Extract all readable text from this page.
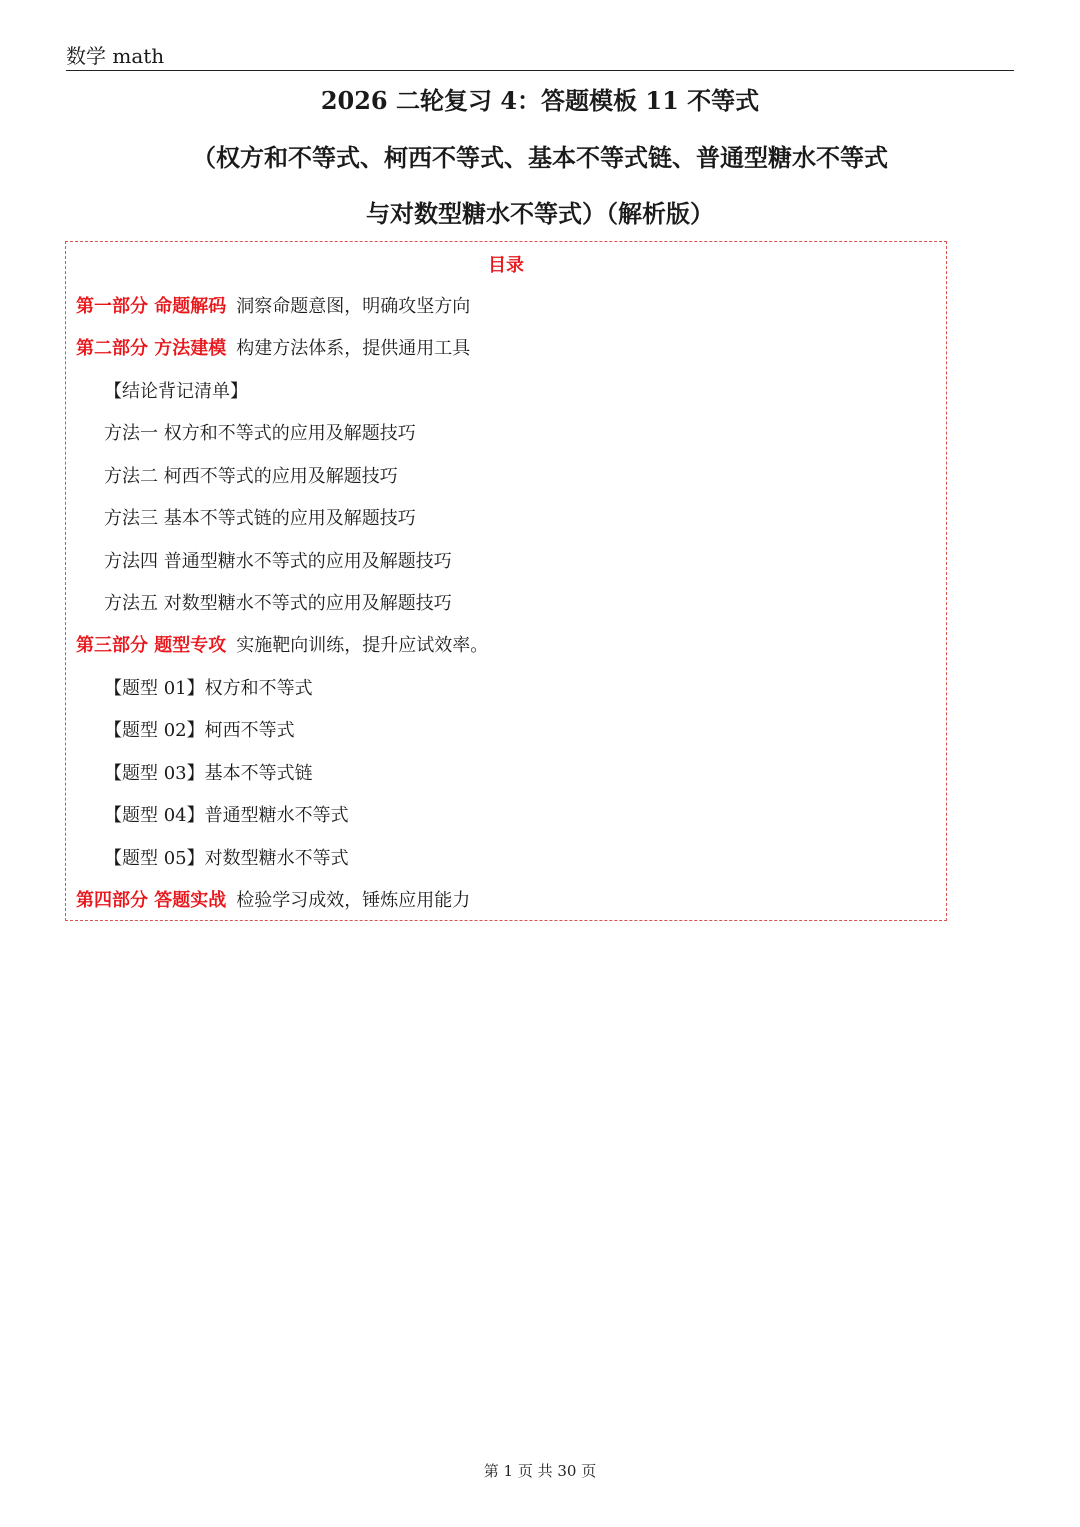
数学 math
2026 二轮复习 4：答题模板 11 不等式
（权方和不等式、柯西不等式、基本不等式链、普通型糖水不等式
与对数型糖水不等式）（解析版）
目录
第一部分 命题解码 洞察命题意图，明确攻坚方向
第二部分 方法建模 构建方法体系，提供通用工具
【结论背记清单】
方法一 权方和不等式的应用及解题技巧
方法二 柯西不等式的应用及解题技巧
方法三 基本不等式链的应用及解题技巧
方法四 普通型糖水不等式的应用及解题技巧
方法五 对数型糖水不等式的应用及解题技巧
第三部分 题型专攻 实施靶向训练，提升应试效率。
【题型 01】权方和不等式
【题型 02】柯西不等式
【题型 03】基本不等式链
【题型 04】普通型糖水不等式
【题型 05】对数型糖水不等式
第四部分 答题实战 检验学习成效，锤炼应用能力
第 1 页 共 30 页
